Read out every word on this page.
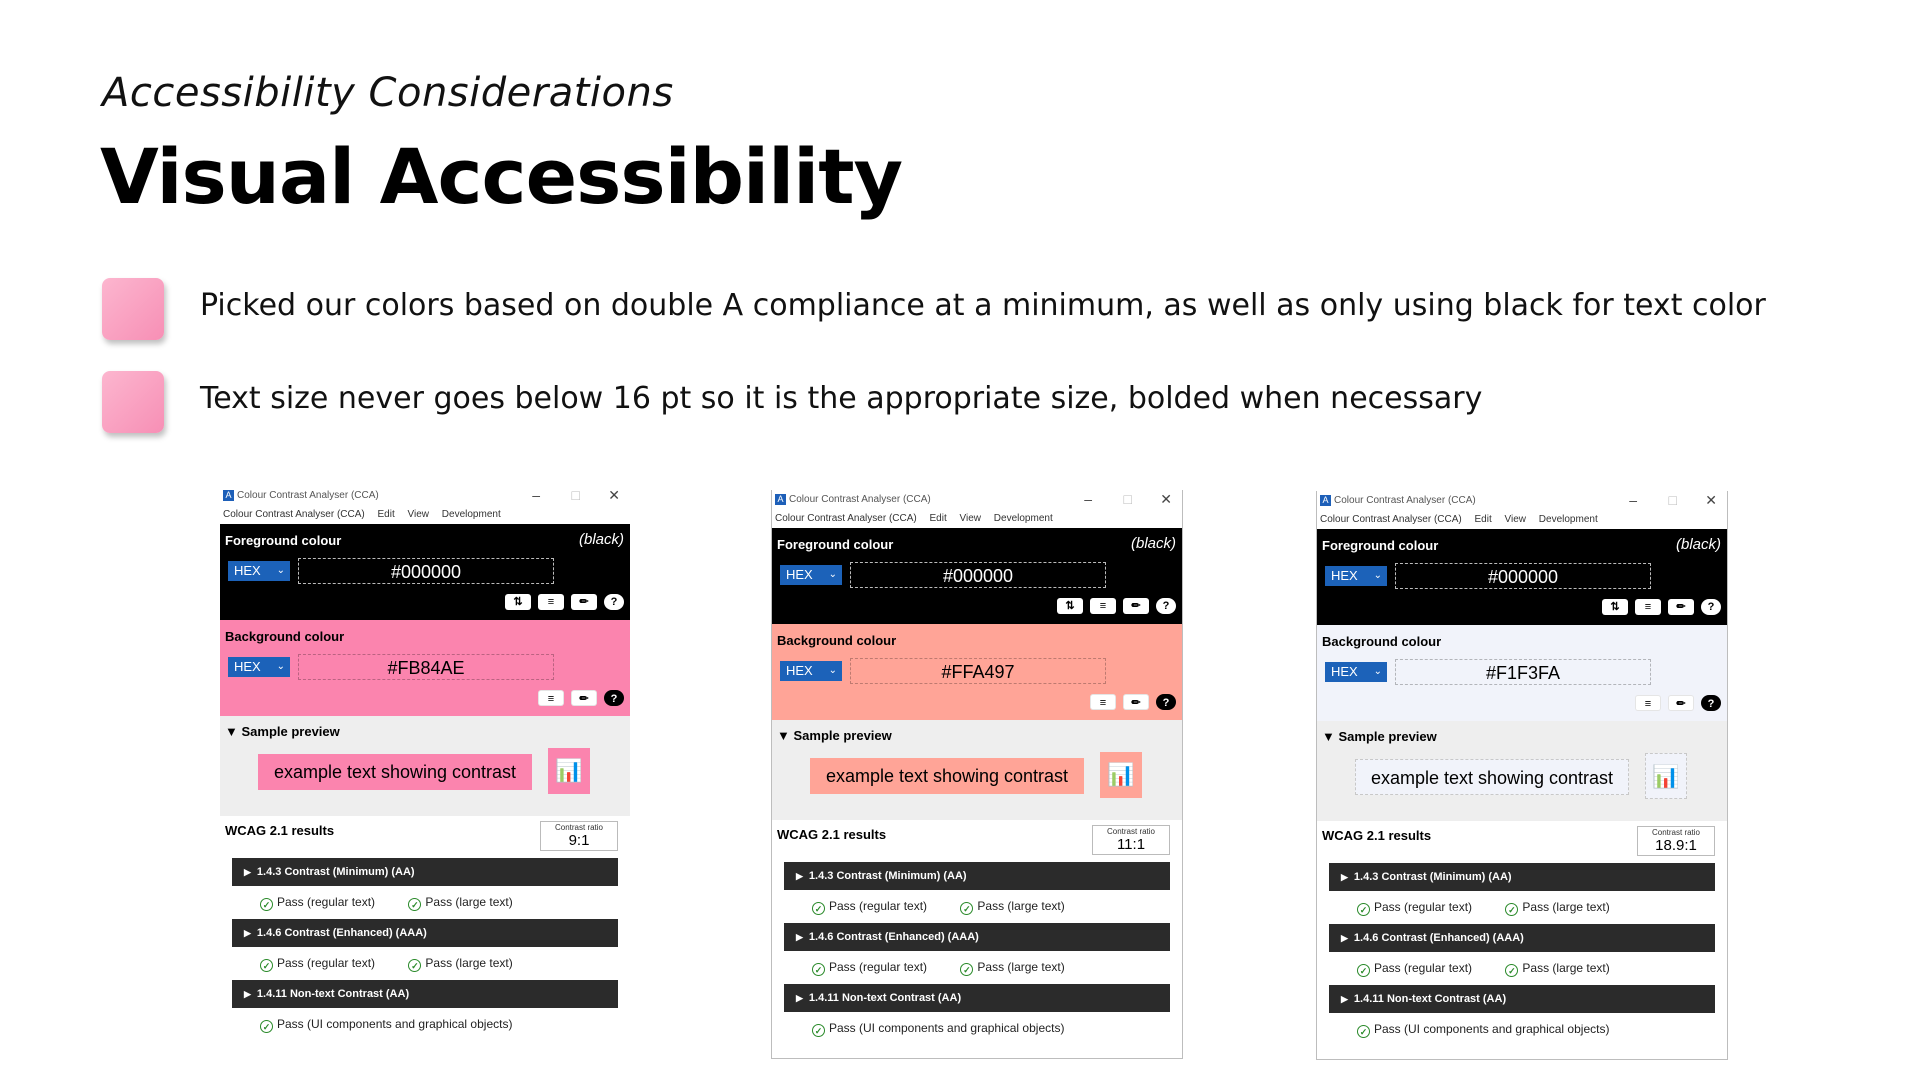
Accessibility Considerations
Visual Accessibility
Picked our colors based on double A compliance at a minimum, as well as only using black for text color
Text size never goes below 16 pt so it is the appropriate size, bolded when necessary
A Colour Contrast Analyser (CCA)	– □ ✕
Colour Contrast Analyser (CCA) Edit View Development
Foreground colour	(black)
HEX ⌄	#000000
⇅	≡	✏	?
Background colour
HEX ⌄	#FB84AE
≡	✏	?
▼ Sample preview
example text showing contrast	📊
WCAG 2.1 results	Contrast ratio
9:1
▶ 1.4.3 Contrast (Minimum) (AA)
✓ Pass (regular text)	✓ Pass (large text)
▶ 1.4.6 Contrast (Enhanced) (AAA)
✓ Pass (regular text)	✓ Pass (large text)
▶ 1.4.11 Non-text Contrast (AA)
✓ Pass (UI components and graphical objects)
A Colour Contrast Analyser (CCA)	– □ ✕
Colour Contrast Analyser (CCA) Edit View Development
Foreground colour	(black)
HEX ⌄	#000000
⇅	≡	✏	?
Background colour
HEX ⌄	#FFA497
≡	✏	?
▼ Sample preview
example text showing contrast	📊
WCAG 2.1 results	Contrast ratio
11:1
▶ 1.4.3 Contrast (Minimum) (AA)
✓ Pass (regular text)	✓ Pass (large text)
▶ 1.4.6 Contrast (Enhanced) (AAA)
✓ Pass (regular text)	✓ Pass (large text)
▶ 1.4.11 Non-text Contrast (AA)
✓ Pass (UI components and graphical objects)
A Colour Contrast Analyser (CCA)	– □ ✕
Colour Contrast Analyser (CCA) Edit View Development
Foreground colour	(black)
HEX ⌄	#000000
⇅	≡	✏	?
Background colour
HEX ⌄	#F1F3FA
≡	✏	?
▼ Sample preview
example text showing contrast	📊
WCAG 2.1 results	Contrast ratio
18.9:1
▶ 1.4.3 Contrast (Minimum) (AA)
✓ Pass (regular text)	✓ Pass (large text)
▶ 1.4.6 Contrast (Enhanced) (AAA)
✓ Pass (regular text)	✓ Pass (large text)
▶ 1.4.11 Non-text Contrast (AA)
✓ Pass (UI components and graphical objects)
